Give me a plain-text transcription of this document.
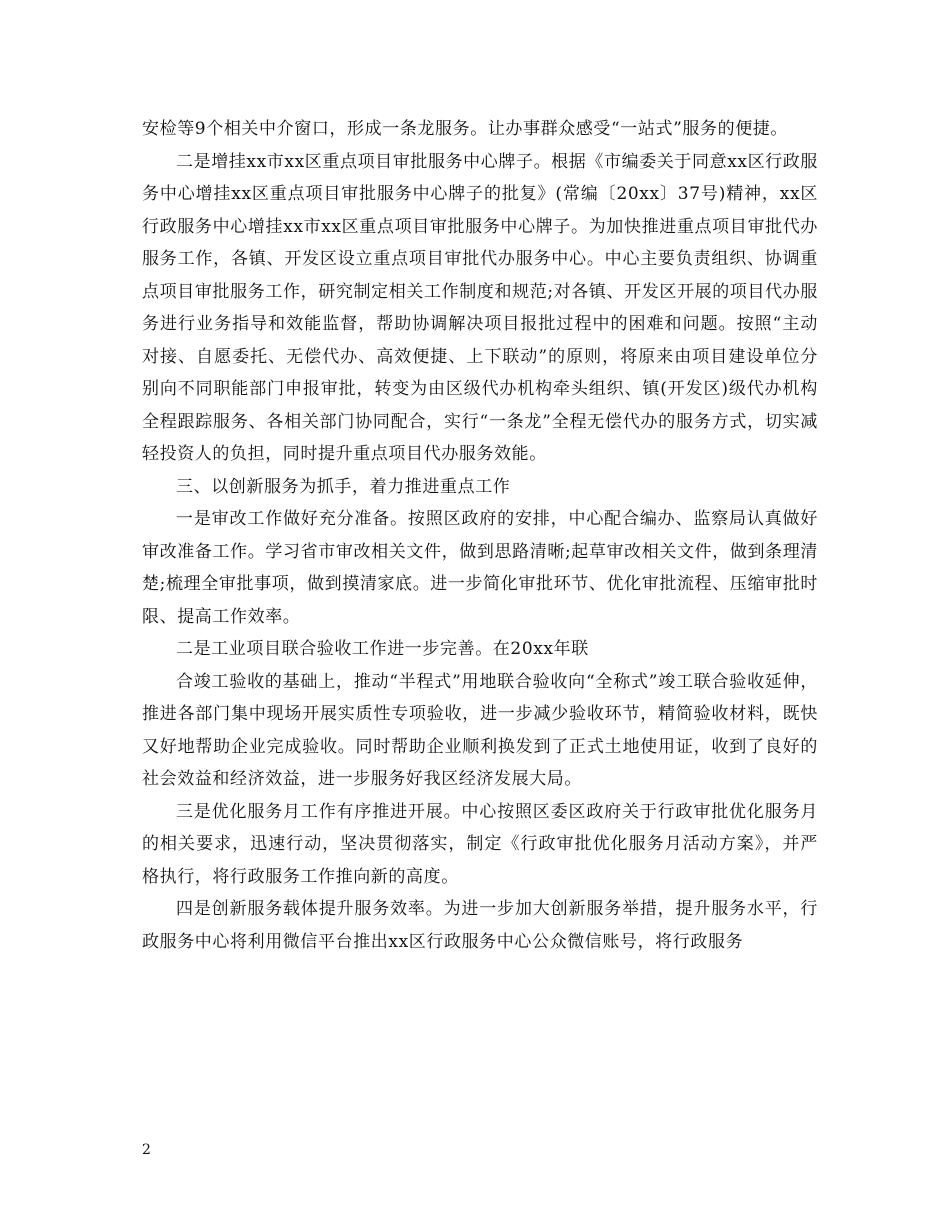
安检等9个相关中介窗口，形成一条龙服务。让办事群众感受“一站式”服务的便捷。

二是增挂xx市xx区重点项目审批服务中心牌子。根据《市编委关于同意xx区行政服务中心增挂xx区重点项目审批服务中心牌子的批复》(常编〔20xx〕37号)精神，xx区行政服务中心增挂xx市xx区重点项目审批服务中心牌子。为加快推进重点项目审批代办服务工作，各镇、开发区设立重点项目审批代办服务中心。中心主要负责组织、协调重点项目审批服务工作，研究制定相关工作制度和规范;对各镇、开发区开展的项目代办服务进行业务指导和效能监督，帮助协调解决项目报批过程中的困难和问题。按照“主动对接、自愿委托、无偿代办、高效便捷、上下联动”的原则，将原来由项目建设单位分别向不同职能部门申报审批，转变为由区级代办机构牵头组织、镇(开发区)级代办机构全程跟踪服务、各相关部门协同配合，实行“一条龙”全程无偿代办的服务方式，切实减轻投资人的负担，同时提升重点项目代办服务效能。

三、以创新服务为抓手，着力推进重点工作

一是审改工作做好充分准备。按照区政府的安排，中心配合编办、监察局认真做好审改准备工作。学习省市审改相关文件，做到思路清晰;起草审改相关文件，做到条理清楚;梳理全审批事项，做到摸清家底。进一步简化审批环节、优化审批流程、压缩审批时限、提高工作效率。

二是工业项目联合验收工作进一步完善。在20xx年联

合竣工验收的基础上，推动“半程式”用地联合验收向“全称式”竣工联合验收延伸，推进各部门集中现场开展实质性专项验收，进一步减少验收环节，精简验收材料，既快又好地帮助企业完成验收。同时帮助企业顺利换发到了正式土地使用证，收到了良好的社会效益和经济效益，进一步服务好我区经济发展大局。

三是优化服务月工作有序推进开展。中心按照区委区政府关于行政审批优化服务月的相关要求，迅速行动，坚决贯彻落实，制定《行政审批优化服务月活动方案》，并严格执行，将行政服务工作推向新的高度。

四是创新服务载体提升服务效率。为进一步加大创新服务举措，提升服务水平，行政服务中心将利用微信平台推出xx区行政服务中心公众微信账号，将行政服务

2
